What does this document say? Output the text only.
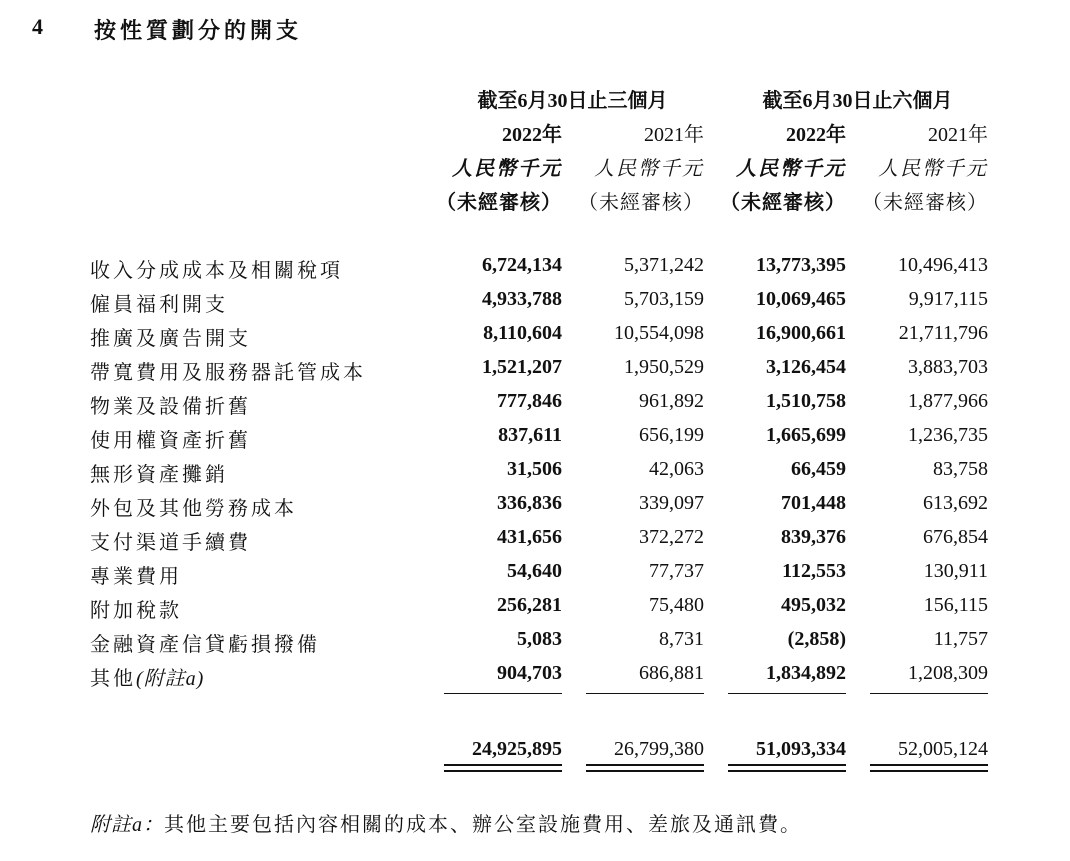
4 按性質劃分的開支
截至6月30日止三個月	截至6月30日止六個月
2022年	2021年	2022年	2021年
人民幣千元	人民幣千元	人民幣千元	人民幣千元
（未經審核） （未經審核） （未經審核） （未經審核）
收入分成成本及相關稅項	6,724,134	5,371,242	13,773,395	10,496,413
僱員福利開支	4,933,788	5,703,159	10,069,465	9,917,115
推廣及廣告開支	8,110,604	10,554,098	16,900,661	21,711,796
帶寬費用及服務器託管成本	1,521,207	1,950,529	3,126,454	3,883,703
物業及設備折舊	777,846	961,892	1,510,758	1,877,966
使用權資產折舊	837,611	656,199	1,665,699	1,236,735
無形資產攤銷	31,506	42,063	66,459	83,758
外包及其他勞務成本	336,836	339,097	701,448	613,692
支付渠道手續費	431,656	372,272	839,376	676,854
專業費用	54,640	77,737	112,553	130,911
附加稅款	256,281	75,480	495,032	156,115
金融資產信貸虧損撥備	5,083	8,731	(2,858)	11,757
其他(附註a)	904,703	686,881	1,834,892	1,208,309
24,925,895	26,799,380	51,093,334	52,005,124
附註a：其他主要包括內容相關的成本、辦公室設施費用、差旅及通訊費。
